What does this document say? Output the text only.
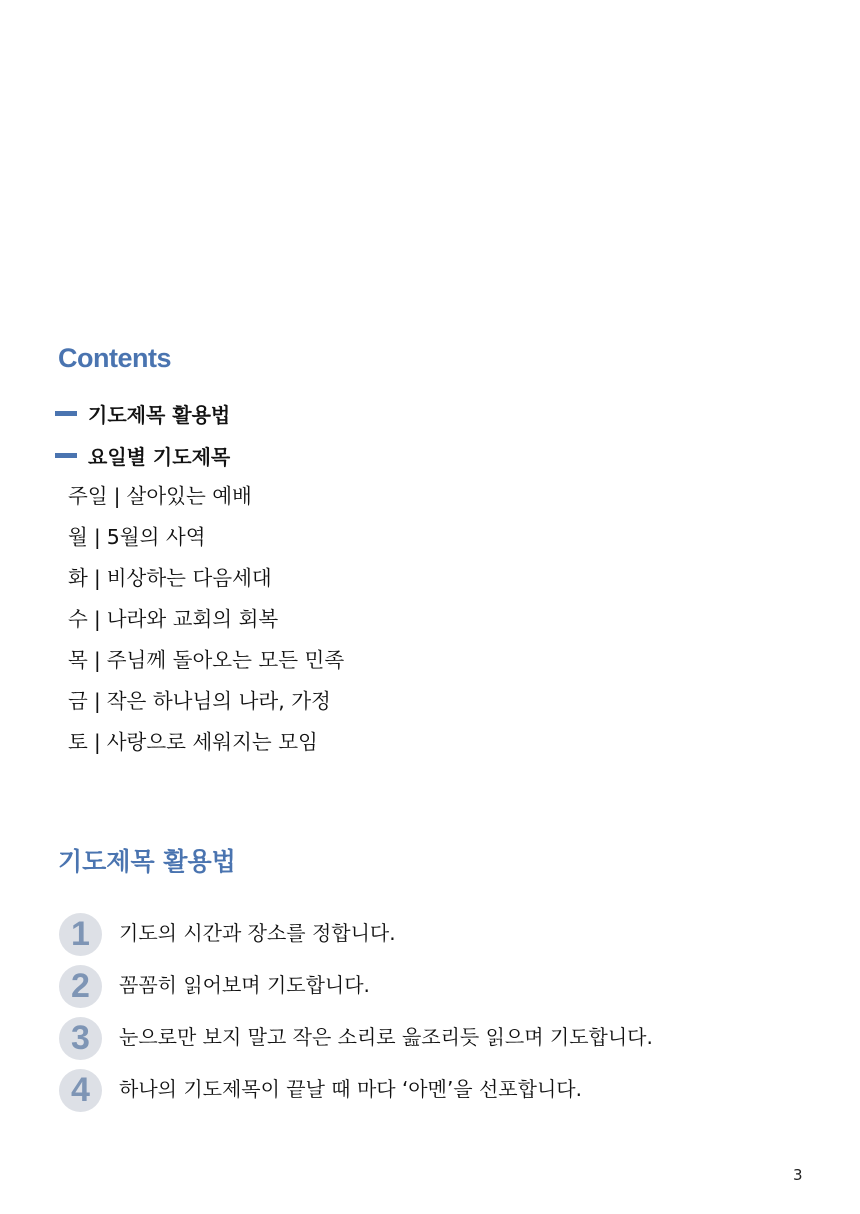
Contents
기도제목 활용법
요일별 기도제목
주일 | 살아있는 예배
월 | 5월의 사역
화 | 비상하는 다음세대
수 | 나라와 교회의 회복
목 | 주님께 돌아오는 모든 민족
금 | 작은 하나님의 나라, 가정
토 | 사랑으로 세워지는 모임
기도제목 활용법
1	기도의 시간과 장소를 정합니다.
2	꼼꼼히 읽어보며 기도합니다.
3	눈으로만 보지 말고 작은 소리로 읊조리듯 읽으며 기도합니다.
4	하나의 기도제목이 끝날 때 마다 ‘아멘’을 선포합니다.
3
